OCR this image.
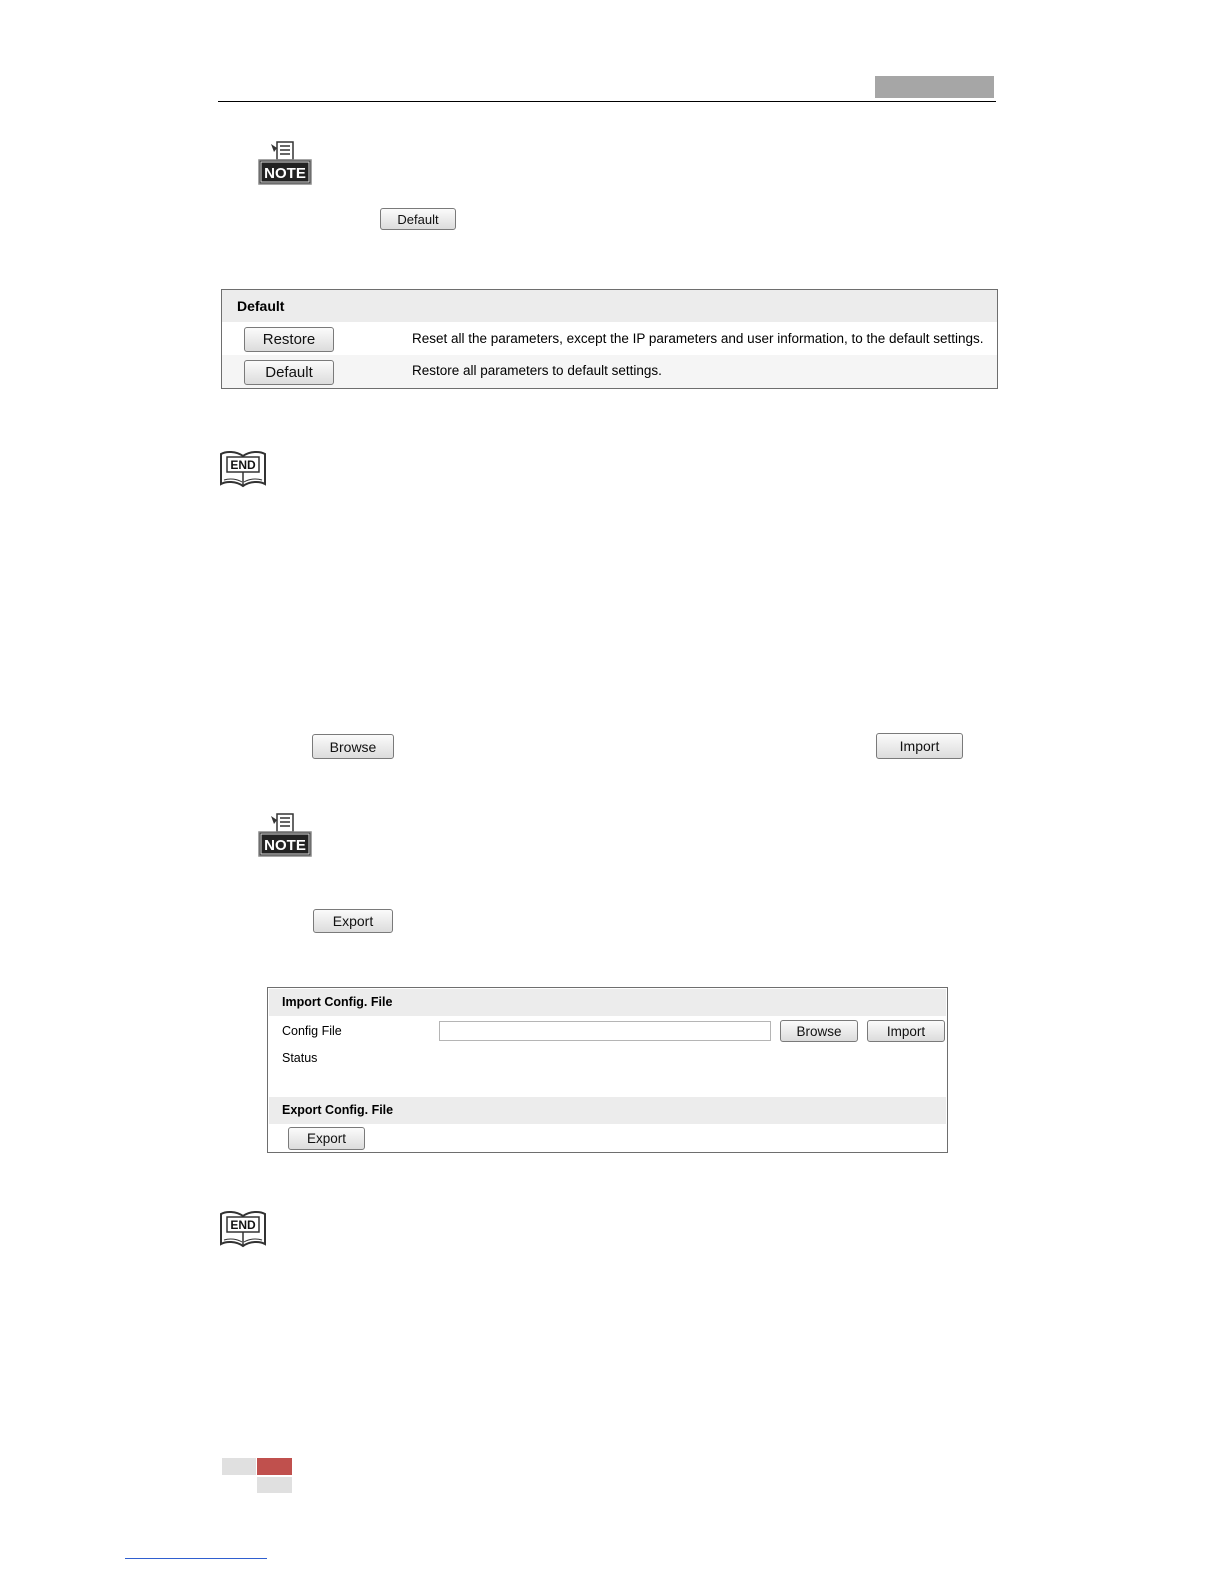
NOTE
Default
Default
Restore	Reset all the parameters, except the IP parameters and user information, to the default settings.
Default	Restore all parameters to default settings.
END
Browse	Import
NOTE
Export
Import Config. File
Config File	Browse	Import
Status
Export Config. File
Export
END
